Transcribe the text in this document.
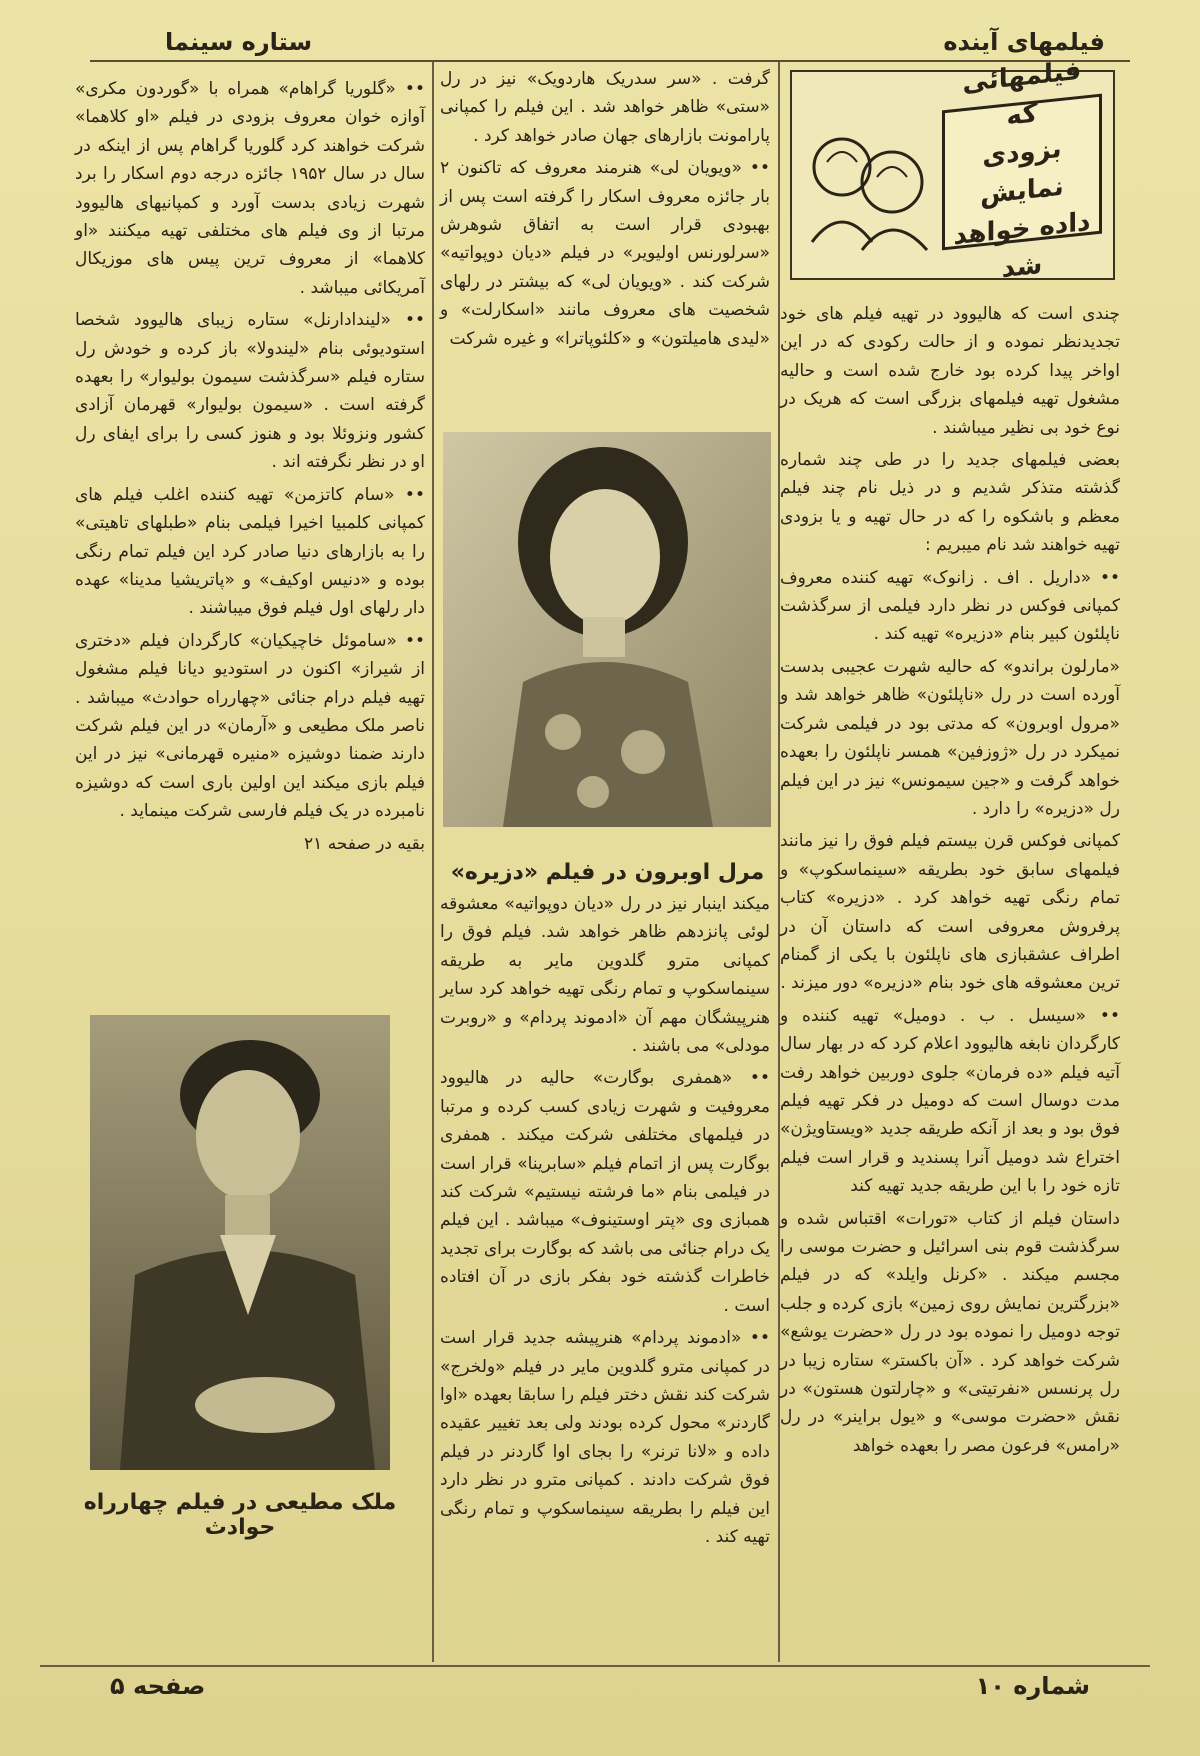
ستاره سینما	فیلمهای آینده
فیلمهائی که
بزودی نمایش
داده خواهد شد

چندی است که هالیوود در تهیه فیلم های خود تجدیدنظر نموده و از حالت رکودی که در این اواخر پیدا کرده بود خارج شده است و حالیه مشغول تهیه فیلمهای بزرگی است که هریک در نوع خود بی نظیر میباشند .

بعضی فیلمهای جدید را در طی چند شماره گذشته متذکر شدیم و در ذیل نام چند فیلم معظم و باشکوه را که در حال تهیه و یا بزودی تهیه خواهند شد نام میبریم :

•• «داریل . اف . زانوک» تهیه کننده معروف کمپانی فوکس در نظر دارد فیلمی از سرگذشت ناپلئون کبیر بنام «دزیره» تهیه کند .

«مارلون براندو» که حالیه شهرت عجیبی بدست آورده است در رل «ناپلئون» ظاهر خواهد شد و «مرول اوبرون» که مدتی بود در فیلمی شرکت نمیکرد در رل «ژوزفین» همسر ناپلئون را بعهده خواهد گرفت و «جین سیمونس» نیز در این فیلم رل «دزیره» را دارد .

کمپانی فوکس قرن بیستم فیلم فوق را نیز مانند فیلمهای سابق خود بطریقه «سینماسکوپ» و تمام رنگی تهیه خواهد کرد . «دزیره» کتاب پرفروش معروفی است که داستان آن در اطراف عشقبازی های ناپلئون با یکی از گمنام ترین معشوقه های خود بنام «دزیره» دور میزند .

•• «سیسل . ب . دومیل» تهیه کننده و کارگردان نابغه هالیوود اعلام کرد که در بهار سال آتیه فیلم «ده فرمان» جلوی دوربین خواهد رفت مدت دوسال است که دومیل در فکر تهیه فیلم فوق بود و بعد از آنکه طریقه جدید «ویستاویژن» اختراع شد دومیل آنرا پسندید و قرار است فیلم تازه خود را با این طریقه جدید تهیه کند

داستان فیلم از کتاب «تورات» اقتباس شده و سرگذشت قوم بنی اسرائیل و حضرت موسی را مجسم میکند . «کرنل وایلد» که در فیلم «بزرگترین نمایش روی زمین» بازی کرده و جلب توجه دومیل را نموده بود در رل «حضرت یوشع» شرکت خواهد کرد . «آن باکستر» ستاره زیبا در رل پرنسس «نفرتیتی» و «چارلتون هستون» در نقش «حضرت موسی» و «یول براینر» در رل «رامس» فرعون مصر را بعهده خواهد

گرفت . «سر سدریک هاردویک» نیز در رل «ستی» ظاهر خواهد شد . این فیلم را کمپانی پارامونت بازارهای جهان صادر خواهد کرد .

•• «ویویان لی» هنرمند معروف که تاکنون ۲ بار جائزه معروف اسکار را گرفته است پس از بهبودی قرار است به اتفاق شوهرش «سرلورنس اولیویر» در فیلم «دیان دوپواتیه» شرکت کند . «ویویان لی» که بیشتر در رلهای شخصیت های معروف مانند «اسکارلت» و «لیدی هامیلتون» و «کلئوپاترا» و غیره شرکت

مرل اوبرون در فیلم «دزیره»

میکند اینبار نیز در رل «دیان دوپواتیه» معشوقه لوئی پانزدهم ظاهر خواهد شد. فیلم فوق را کمپانی مترو گلدوین مایر به طریقه سینماسکوپ و تمام رنگی تهیه خواهد کرد سایر هنرپیشگان مهم آن «ادموند پردام» و «روبرت مودلی» می باشند .

•• «همفری بوگارت» حالیه در هالیوود معروفیت و شهرت زیادی کسب کرده و مرتبا در فیلمهای مختلفی شرکت میکند . همفری بوگارت پس از اتمام فیلم «سابرینا» قرار است در فیلمی بنام «ما فرشته نیستیم» شرکت کند همبازی وی «پتر اوستینوف» میباشد . این فیلم یک درام جنائی می باشد که بوگارت برای تجدید خاطرات گذشته خود بفکر بازی در آن افتاده است .

•• «ادموند پردام» هنرپیشه جدید قرار است در کمپانی مترو گلدوین مایر در فیلم «ولخرج» شرکت کند نقش دختر فیلم را سابقا بعهده «اوا گاردنر» محول کرده بودند ولی بعد تغییر عقیده داده و «لانا ترنر» را بجای اوا گاردنر در فیلم فوق شرکت دادند . کمپانی مترو در نظر دارد این فیلم را بطریقه سینماسکوپ و تمام رنگی تهیه کند .

•• «گلوریا گراهام» همراه با «گوردون مکری» آوازه خوان معروف بزودی در فیلم «او کلاهما» شرکت خواهند کرد گلوریا گراهام پس از اینکه در سال در سال ۱۹۵۲ جائزه درجه دوم اسکار را برد شهرت زیادی بدست آورد و کمپانیهای هالیوود مرتبا از وی فیلم های مختلفی تهیه میکنند «او کلاهما» از معروف ترین پیس های موزیکال آمریکائی میباشد .

•• «لیندادارنل» ستاره زیبای هالیوود شخصا استودیوئی بنام «لیندولا» باز کرده و خودش رل ستاره فیلم «سرگذشت سیمون بولیوار» را بعهده گرفته است . «سیمون بولیوار» قهرمان آزادی کشور ونزوئلا بود و هنوز کسی را برای ایفای رل او در نظر نگرفته اند .

•• «سام کاتزمن» تهیه کننده اغلب فیلم های کمپانی کلمبیا اخیرا فیلمی بنام «طبلهای تاهیتی» را به بازارهای دنیا صادر کرد این فیلم تمام رنگی بوده و «دنیس اوکیف» و «پاتریشیا مدینا» عهده دار رلهای اول فیلم فوق میباشند .

•• «ساموئل خاچیکیان» کارگردان فیلم «دختری از شیراز» اکنون در استودیو دیانا فیلم مشغول تهیه فیلم درام جنائی «چهارراه حوادث» میباشد . ناصر ملک مطیعی و «آرمان» در این فیلم شرکت دارند ضمنا دوشیزه «منیره قهرمانی» نیز در این فیلم بازی میکند این اولین باری است که دوشیزه نامبرده در یک فیلم فارسی شرکت مینماید .

بقیه در صفحه ۲۱

ملک مطیعی در فیلم چهارراه حوادث
صفحه ۵	شماره ۱۰
